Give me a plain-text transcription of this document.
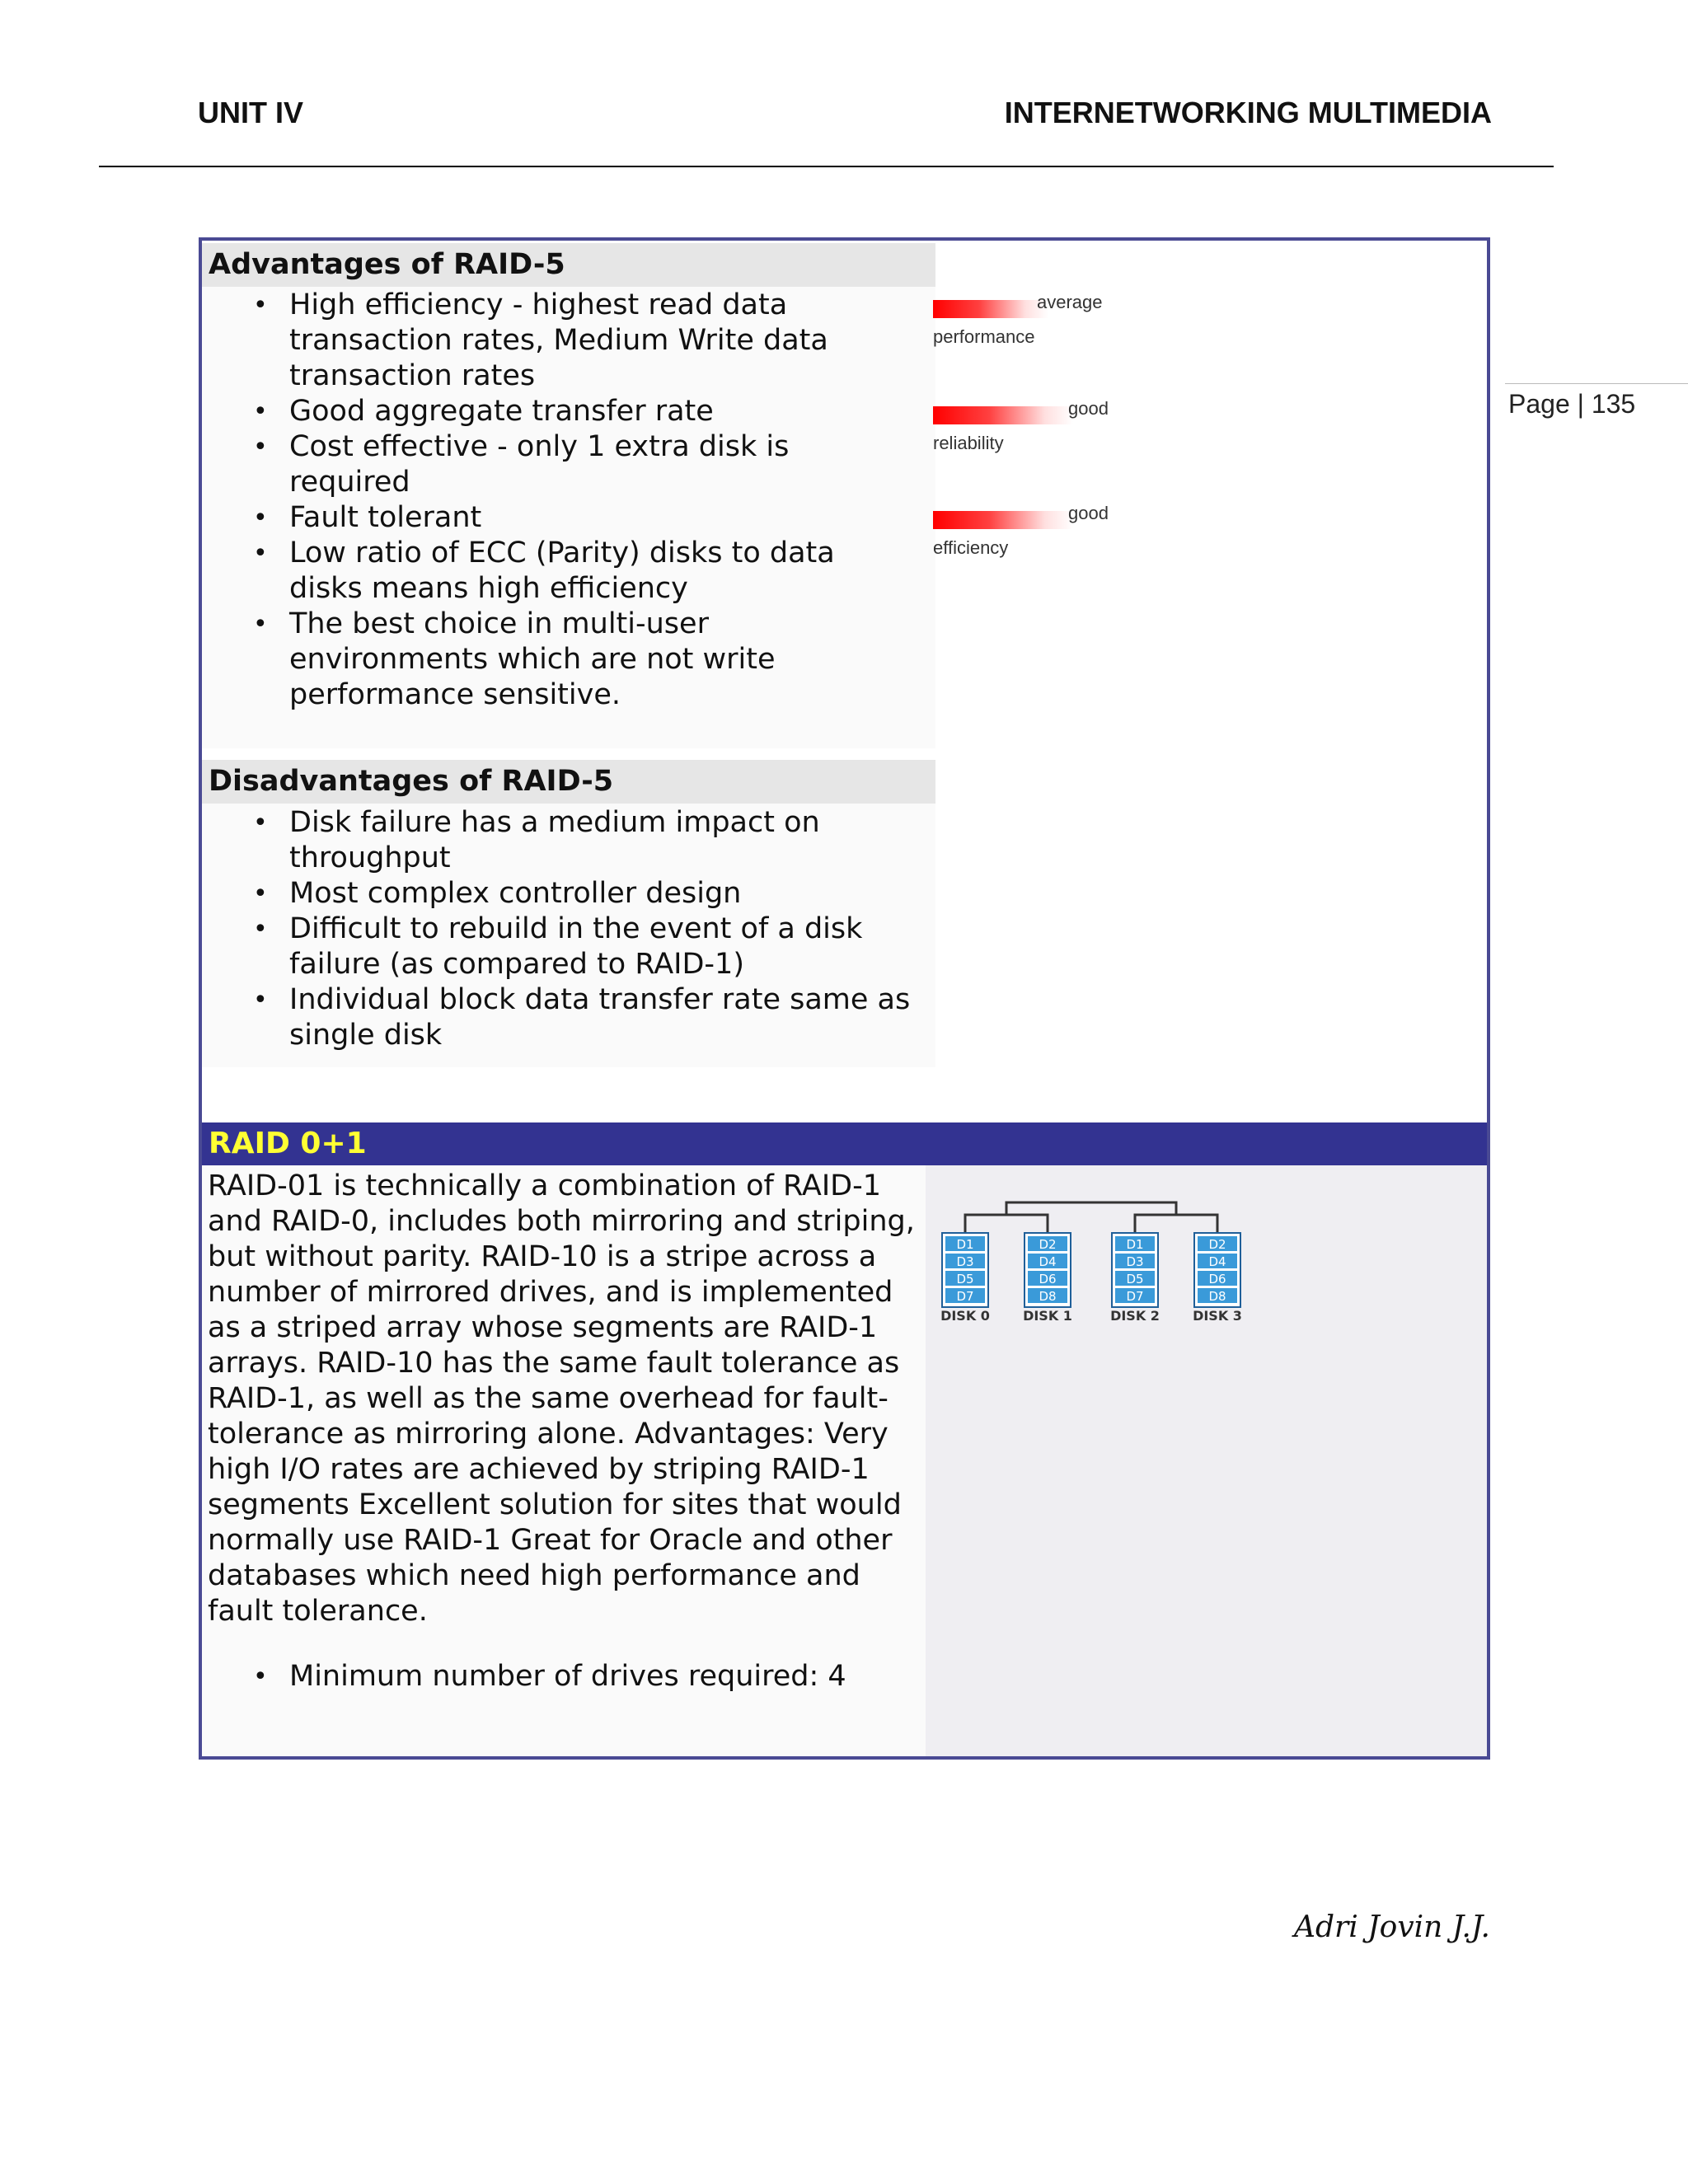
UNIT IV	INTERNETWORKING MULTIMEDIA
Page | 135
Advantages of RAID-5
• High efficiency - highest read data transaction rates, Medium Write data transaction rates
• Good aggregate transfer rate
• Cost effective - only 1 extra disk is required
• Fault tolerant
• Low ratio of ECC (Parity) disks to data disks means high efficiency
• The best choice in multi-user environments which are not write performance sensitive.
average
performance
good
reliability
good
efficiency
Disadvantages of RAID-5
• Disk failure has a medium impact on throughput
• Most complex controller design
• Difficult to rebuild in the event of a disk failure (as compared to RAID-1)
• Individual block data transfer rate same as single disk
RAID 0+1

RAID-01 is technically a combination of RAID-1 and RAID-0, includes both mirroring and striping, but without parity. RAID-10 is a stripe across a number of mirrored drives, and is implemented as a striped array whose segments are RAID-1 arrays. RAID-10 has the same fault tolerance as RAID-1, as well as the same overhead for fault-tolerance as mirroring alone. Advantages: Very high I/O rates are achieved by striping RAID-1 segments Excellent solution for sites that would normally use RAID-1 Great for Oracle and other databases which need high performance and fault tolerance.

• Minimum number of drives required: 4
D1
D3
D5
D7
DISK 0
D2
D4
D6
D8
DISK 1
D1
D3
D5
D7
DISK 2
D2
D4
D6
D8
DISK 3
Adri Jovin J.J.
